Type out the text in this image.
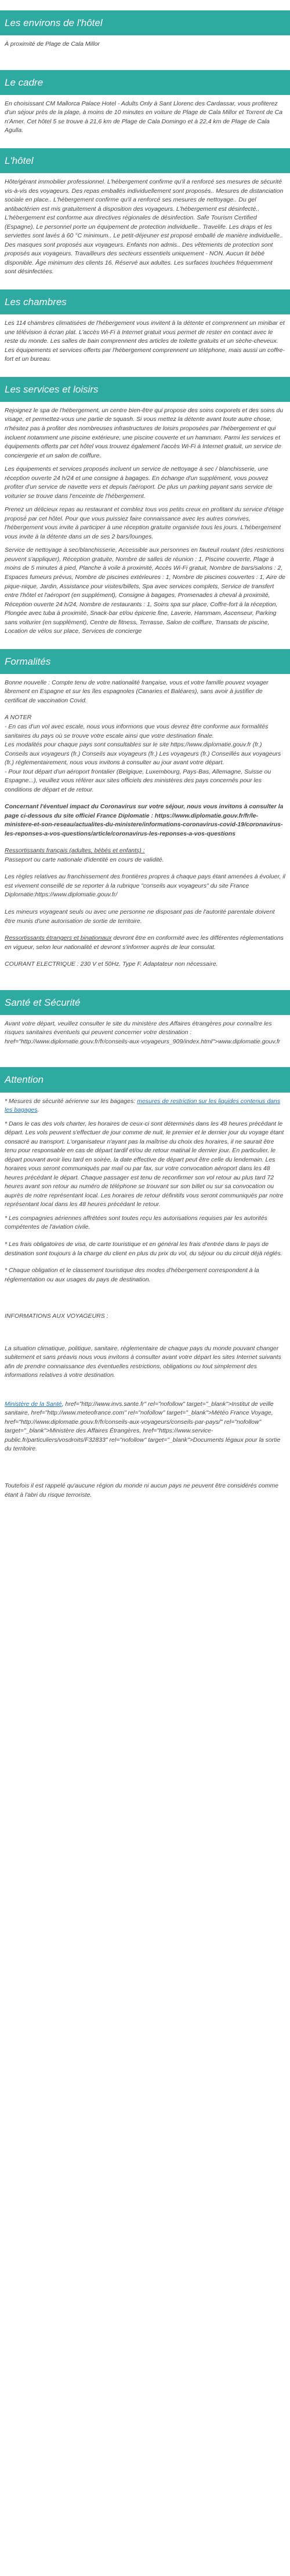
Les environs de l'hôtel

À proximité de Plage de Cala Millor

Le cadre

En choisissant CM Mallorca Palace Hotel - Adults Only à Sant Llorenc des Cardassar, vous profiterez d'un séjour près de la plage, à moins de 10 minutes en voiture de Plage de Cala Millor et Torrent de Ca n'Amer. Cet hôtel 5 se trouve à 21,6 km de Plage de Cala Domingo et à 22,4 km de Plage de Cala Agulla.

L'hôtel

Hôte/gérant immobilier professionnel. L'hébergement confirme qu'il a renforcé ses mesures de sécurité vis-à-vis des voyageurs. Des repas emballés individuellement sont proposés.. Mesures de distanciation sociale en place.. L'hébergement confirme qu'il a renforcé ses mesures de nettoyage.. Du gel antibactérien est mis gratuitement à disposition des voyageurs. L'hébergement est désinfecté.. L'hébergement est conforme aux directives régionales de désinfection. Safe Tourism Certified (Espagne). Le personnel porte un équipement de protection individuelle.. Travelife. Les draps et les serviettes sont lavés à 60 °C minimum.. Le petit-déjeuner est proposé emballé de manière individuelle.. Des masques sont proposés aux voyageurs. Enfants non admis.. Des vêtements de protection sont proposés aux voyageurs. Travailleurs des secteurs essentiels uniquement - NON. Aucun lit bébé disponible. Âge minimum des clients 16. Réservé aux adultes. Les surfaces touchées fréquemment sont désinfectées.

Les chambres

Les 114 chambres climatisées de l'hébergement vous invitent à la détente et comprennent un minibar et une télévision à écran plat. L'accès Wi-Fi à Internet gratuit vous permet de rester en contact avec le reste du monde. Les salles de bain comprennent des articles de toilette gratuits et un sèche-cheveux. Les équipements et services offerts par l'hébergement comprennent un téléphone, mais aussi un coffre-fort et un bureau.

Les services et loisirs

Rejoignez le spa de l'hébergement, un centre bien-être qui propose des soins corporels et des soins du visage, et permettez-vous une partie de squash. Si vous mettez la détente avant toute autre chose, n'hésitez pas à profiter des nombreuses infrastructures de loisirs proposées par l'hébergement et qui incluent notamment une piscine extérieure, une piscine couverte et un hammam. Parmi les services et équipements offerts par cet hôtel vous trouvez également l'accès Wi-Fi à Internet gratuit, un service de conciergerie et un salon de coiffure.

Les équipements et services proposés incluent un service de nettoyage à sec / blanchisserie, une réception ouverte 24 h/24 et une consigne à bagages. En échange d'un supplément, vous pouvez profiter d'un service de navette vers et depuis l'aéroport. De plus un parking payant sans service de voiturier se trouve dans l'enceinte de l'hébergement.

Prenez un délicieux repas au restaurant et comblez tous vos petits creux en profitant du service d'étage proposé par cet hôtel. Pour que vous puissiez faire connaissance avec les autres convives, l'hébergement vous invite à participer à une réception gratuite organisée tous les jours. L'hébergement vous invite à la détente dans un de ses 2 bars/lounges.

Service de nettoyage à sec/blanchisserie, Accessible aux personnes en fauteuil roulant (des restrictions peuvent s'appliquer), Réception gratuite, Nombre de salles de réunion : 1, Piscine couverte, Plage à moins de 5 minutes à pied, Planche à voile à proximité, Accès Wi-Fi gratuit, Nombre de bars/salons : 2, Espaces fumeurs prévus, Nombre de piscines extérieures : 1, Nombre de piscines couvertes : 1, Aire de pique-nique, Jardin, Assistance pour visites/billets, Spa avec services complets, Service de transfert entre l'hôtel et l'aéroport (en supplément), Consigne à bagages, Promenades à cheval à proximité, Réception ouverte 24 h/24, Nombre de restaurants : 1, Soins spa sur place, Coffre-fort à la réception, Plongée avec tuba à proximité, Snack-bar et/ou épicerie fine, Laverie, Hammam, Ascenseur, Parking sans voiturier (en supplément), Centre de fitness, Terrasse, Salon de coiffure, Transats de piscine, Location de vélos sur place, Services de concierge

Formalités

Bonne nouvelle : Compte tenu de votre nationalité française, vous et votre famille pouvez voyager librement en Espagne et sur les îles espagnoles (Canaries et Baléares), sans avoir à justifier de certificat de vaccination Covid.

A NOTER

- En cas d'un vol avec escale, nous vous informons que vous devrez être conforme aux formalités sanitaires du pays où se trouve votre escale ainsi que votre destination finale.

Les modalités pour chaque pays sont consultables sur le site https://www.diplomatie.gouv.fr (fr.) Conseils aux voyageurs (fr.) Conseils aux voyageurs (fr.) Les voyageurs (fr.) Conseillés aux voyageurs (fr.) réglementairement, nous vous invitons à consulter au jour avant votre départ.

- Pour tout départ d'un aéroport frontalier (Belgique, Luxembourg, Pays-Bas, Allemagne, Suisse ou Espagne...), veuillez vous référer aux sites officiels des ministères des pays concernés pour les conditions de départ et de retour.

Concernant l'éventuel impact du Coronavirus sur votre séjour, nous vous invitons à consulter la page ci-dessous du site officiel France Diplomatie : https://www.diplomatie.gouv.fr/fr/le-ministere-et-son-reseau/actualites-du-ministere/informations-coronavirus-covid-19/coronavirus-les-reponses-a-vos-questions/article/coronavirus-les-reponses-a-vos-questions

Ressortissants français (adultes, bébés et enfants) :
Passeport ou carte nationale d'identité en cours de validité.

Les règles relatives au franchissement des frontières propres à chaque pays étant amenées à évoluer, il est vivement conseillé de se reporter à la rubrique "conseils aux voyageurs" du site France Diplomatie:https://www.diplomatie.gouv.fr/

Les mineurs voyageant seuls ou avec une personne ne disposant pas de l'autorité parentale doivent être munis d'une autorisation de sortie de territoire.

Ressortissants étrangers et binationaux devront être en conformité avec les différentes réglementations en vigueur, selon leur nationalité et devront s'informer auprès de leur consulat.

COURANT ELECTRIQUE : 230 V et 50Hz. Type F. Adaptateur non nécessaire.

Santé et Sécurité

Avant votre départ, veuillez consulter le site du ministère des Affaires étrangères pour connaître les risques sanitaires éventuels qui peuvent concerner votre destination : href="http://www.diplomatie.gouv.fr/fr/conseils-aux-voyageurs_909/index.html">www.diplomatie.gouv.fr

Attention

* Mesures de sécurité aérienne sur les bagages: mesures de restriction sur les liquides contenus dans les bagages.

* Dans le cas des vols charter, les horaires de ceux-ci sont déterminés dans les 48 heures précédant le départ. Les vols peuvent s'effectuer de jour comme de nuit, le premier et le dernier jour du voyage étant consacré au transport. L'organisateur n'ayant pas la maîtrise du choix des horaires, il ne saurait être tenu pour responsable en cas de départ tardif et/ou de retour matinal le dernier jour. En particulier, le départ pouvant avoir lieu tard en soirée, la date effective de départ peut être celle du lendemain. Les horaires vous seront communiqués par mail ou par fax, sur votre convocation aéroport dans les 48 heures précédant le départ. Chaque passager est tenu de reconfirmer son vol retour au plus tard 72 heures avant son retour au numéro de téléphone se trouvant sur son billet ou sur sa convocation ou auprès de notre représentant local. Les horaires de retour définitifs vous seront communiqués par notre représentant local dans les 48 heures précédant le retour.

* Les compagnies aériennes affrétées sont toutes reçu les autorisations requises par les autorités compétentes de l'aviation civile.

* Les frais obligatoires de visa, de carte touristique et en général les frais d'entrée dans le pays de destination sont toujours à la charge du client en plus du prix du vol, du séjour ou du circuit déjà réglés.

* Chaque obligation et le classement touristique des modes d'hébergement correspondent à la réglementation ou aux usages du pays de destination.

INFORMATIONS AUX VOYAGEURS :

La situation climatique, politique, sanitaire, réglementaire de chaque pays du monde pouvant changer subitement et sans préavis nous vous invitons à consulter avant votre départ les sites Internet suivants afin de prendre connaissance des éventuelles restrictions, obligations ou tout simplement des informations relatives à votre destination.

Ministère de la Santé, href="http://www.invs.sante.fr" rel="nofollow" target="_blank">Institut de veille sanitaire, href="http://www.meteofrance.com" rel="nofollow" target="_blank">Météo France Voyage, href="http://www.diplomatie.gouv.fr/fr/conseils-aux-voyageurs/conseils-par-pays/" rel="nofollow" target="_blank">Ministère des Affaires Étrangères, href="https://www.service-public.fr/particuliers/vosdroits/F32833" rel="nofollow" target="_blank">Documents légaux pour la sortie du territoire.

Toutefois il est rappelé qu'aucune région du monde ni aucun pays ne peuvent être considérés comme étant à l'abri du risque terroriste.
